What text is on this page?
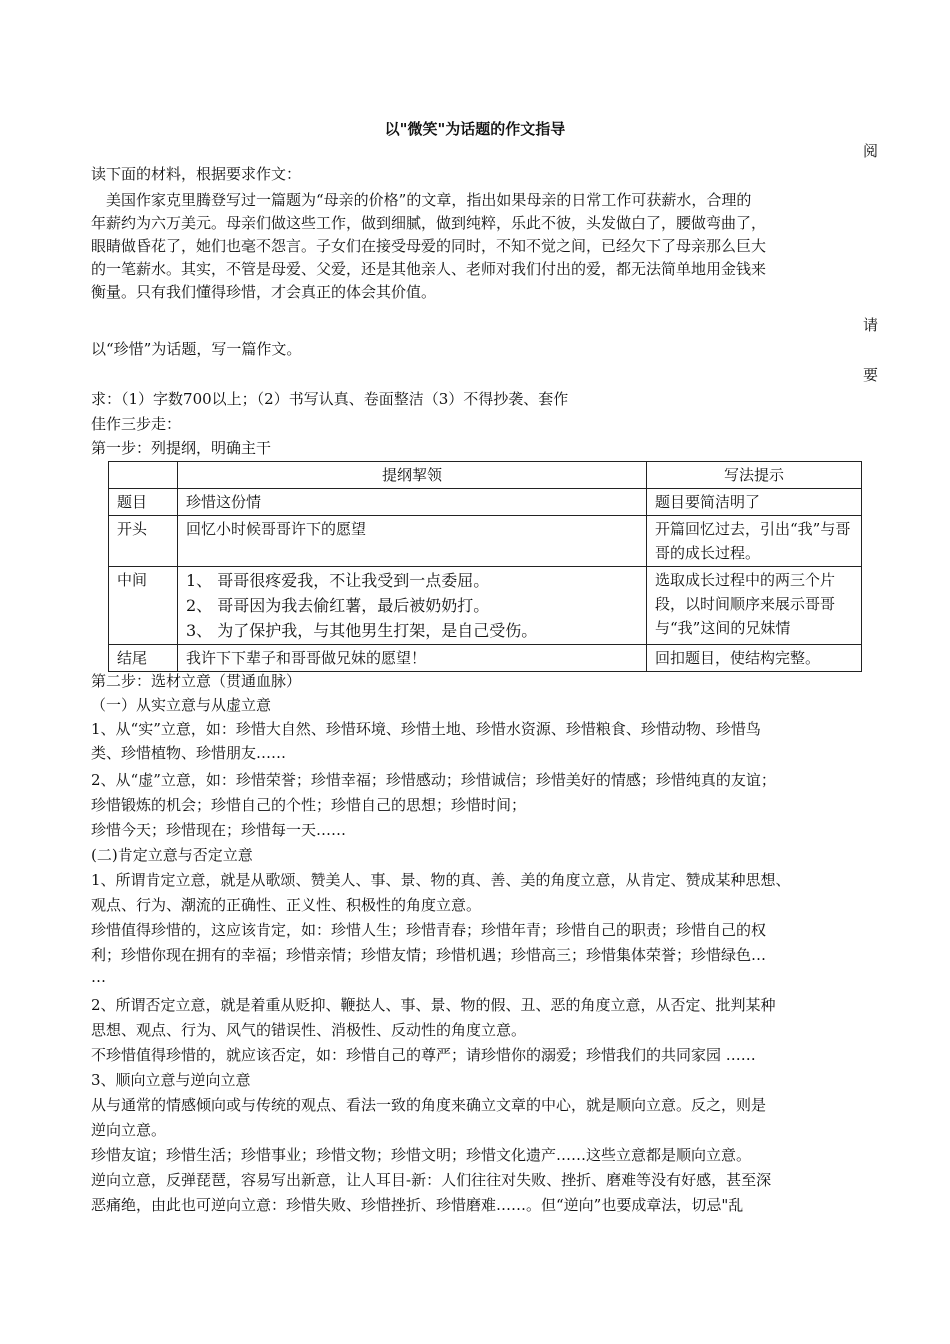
以"微笑"为话题的作文指导
阅
读下面的材料，根据要求作文：
　美国作家克里腾登写过一篇题为“母亲的价格”的文章，指出如果母亲的日常工作可获薪水，合理的
年薪约为六万美元。母亲们做这些工作，做到细腻，做到纯粹，乐此不彼，头发做白了，腰做弯曲了，
眼睛做昏花了，她们也毫不怨言。子女们在接受母爱的同时，不知不觉之间，已经欠下了母亲那么巨大
的一笔薪水。其实，不管是母爱、父爱，还是其他亲人、老师对我们付出的爱，都无法简单地用金钱来
衡量。只有我们懂得珍惜，才会真正的体会其价值。
请
以“珍惜”为话题，写一篇作文。
要
求：（1）字数700以上；（2）书写认真、卷面整洁（3）不得抄袭、套作
佳作三步走：
第一步：列提纲，明确主干
	提纲挈领	写法提示
题目	珍惜这份情	题目要简洁明了
开头	回忆小时候哥哥许下的愿望	开篇回忆过去，引出“我”与哥哥的成长过程。
中间	1、 哥哥很疼爱我，不让我受到一点委屈。
2、 哥哥因为我去偷红薯，最后被奶奶打。
3、 为了保护我，与其他男生打架，是自己受伤。	选取成长过程中的两三个片段，以时间顺序来展示哥哥与“我”这间的兄妹情
结尾	我许下下辈子和哥哥做兄妹的愿望！	回扣题目，使结构完整。
第二步：选材立意（贯通血脉）
（一）从实立意与从虚立意
1、从“实”立意，如：珍惜大自然、珍惜环境、珍惜土地、珍惜水资源、珍惜粮食、珍惜动物、珍惜鸟
类、珍惜植物、珍惜朋友……
2、从“虚”立意，如：珍惜荣誉；珍惜幸福；珍惜感动；珍惜诚信；珍惜美好的情感；珍惜纯真的友谊；
珍惜锻炼的机会；珍惜自己的个性；珍惜自己的思想；珍惜时间；
珍惜今天；珍惜现在；珍惜每一天……
(二)肯定立意与否定立意
1、所谓肯定立意，就是从歌颂、赞美人、事、景、物的真、善、美的角度立意，从肯定、赞成某种思想、
观点、行为、潮流的正确性、正义性、积极性的角度立意。
珍惜值得珍惜的，这应该肯定，如：珍惜人生；珍惜青春；珍惜年青；珍惜自己的职责；珍惜自己的权
利；珍惜你现在拥有的幸福；珍惜亲情；珍惜友情；珍惜机遇；珍惜高三；珍惜集体荣誉；珍惜绿色…
…
2、所谓否定立意，就是着重从贬抑、鞭挞人、事、景、物的假、丑、恶的角度立意，从否定、批判某种
思想、观点、行为、风气的错误性、消极性、反动性的角度立意。
不珍惜值得珍惜的，就应该否定，如：珍惜自己的尊严；请珍惜你的溺爱；珍惜我们的共同家园 ……
3、顺向立意与逆向立意
从与通常的情感倾向或与传统的观点、看法一致的角度来确立文章的中心，就是顺向立意。反之，则是
逆向立意。
珍惜友谊；珍惜生活；珍惜事业；珍惜文物；珍惜文明；珍惜文化遗产……这些立意都是顺向立意。
逆向立意，反弹琵琶，容易写出新意，让人耳目-新：人们往往对失败、挫折、磨难等没有好感，甚至深
恶痛绝，由此也可逆向立意：珍惜失败、珍惜挫折、珍惜磨难……。但“逆向”也要成章法，切忌"乱
